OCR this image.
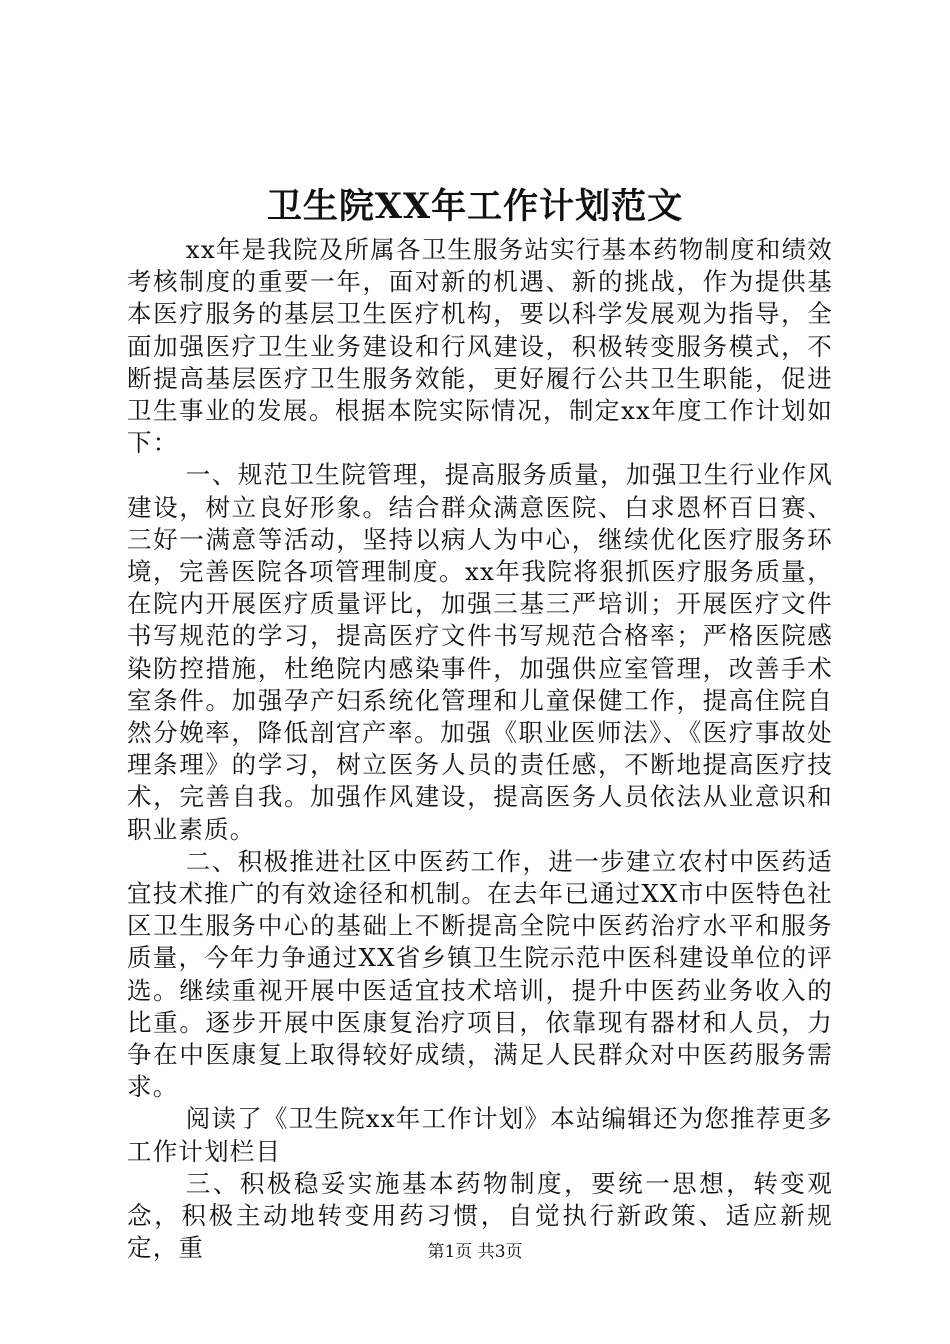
卫生院XX年工作计划范文

xx年是我院及所属各卫生服务站实行基本药物制度和绩效考核制度的重要一年，面对新的机遇、新的挑战，作为提供基本医疗服务的基层卫生医疗机构，要以科学发展观为指导，全面加强医疗卫生业务建设和行风建设，积极转变服务模式，不断提高基层医疗卫生服务效能，更好履行公共卫生职能，促进卫生事业的发展。根据本院实际情况，制定xx年度工作计划如下：

一、规范卫生院管理，提高服务质量，加强卫生行业作风建设，树立良好形象。结合群众满意医院、白求恩杯百日赛、三好一满意等活动，坚持以病人为中心，继续优化医疗服务环境，完善医院各项管理制度。xx年我院将狠抓医疗服务质量，在院内开展医疗质量评比，加强三基三严培训；开展医疗文件书写规范的学习，提高医疗文件书写规范合格率；严格医院感染防控措施，杜绝院内感染事件，加强供应室管理，改善手术室条件。加强孕产妇系统化管理和儿童保健工作，提高住院自然分娩率，降低剖宫产率。加强《职业医师法》、《医疗事故处理条理》的学习，树立医务人员的责任感，不断地提高医疗技术，完善自我。加强作风建设，提高医务人员依法从业意识和职业素质。

二、积极推进社区中医药工作，进一步建立农村中医药适宜技术推广的有效途径和机制。在去年已通过XX市中医特色社区卫生服务中心的基础上不断提高全院中医药治疗水平和服务质量，今年力争通过XX省乡镇卫生院示范中医科建设单位的评选。继续重视开展中医适宜技术培训，提升中医药业务收入的比重。逐步开展中医康复治疗项目，依靠现有器材和人员，力争在中医康复上取得较好成绩，满足人民群众对中医药服务需求。

阅读了《卫生院xx年工作计划》本站编辑还为您推荐更多工作计划栏目

三、积极稳妥实施基本药物制度，要统一思想，转变观念，积极主动地转变用药习惯，自觉执行新政策、适应新规定，重	第1页 共3页
